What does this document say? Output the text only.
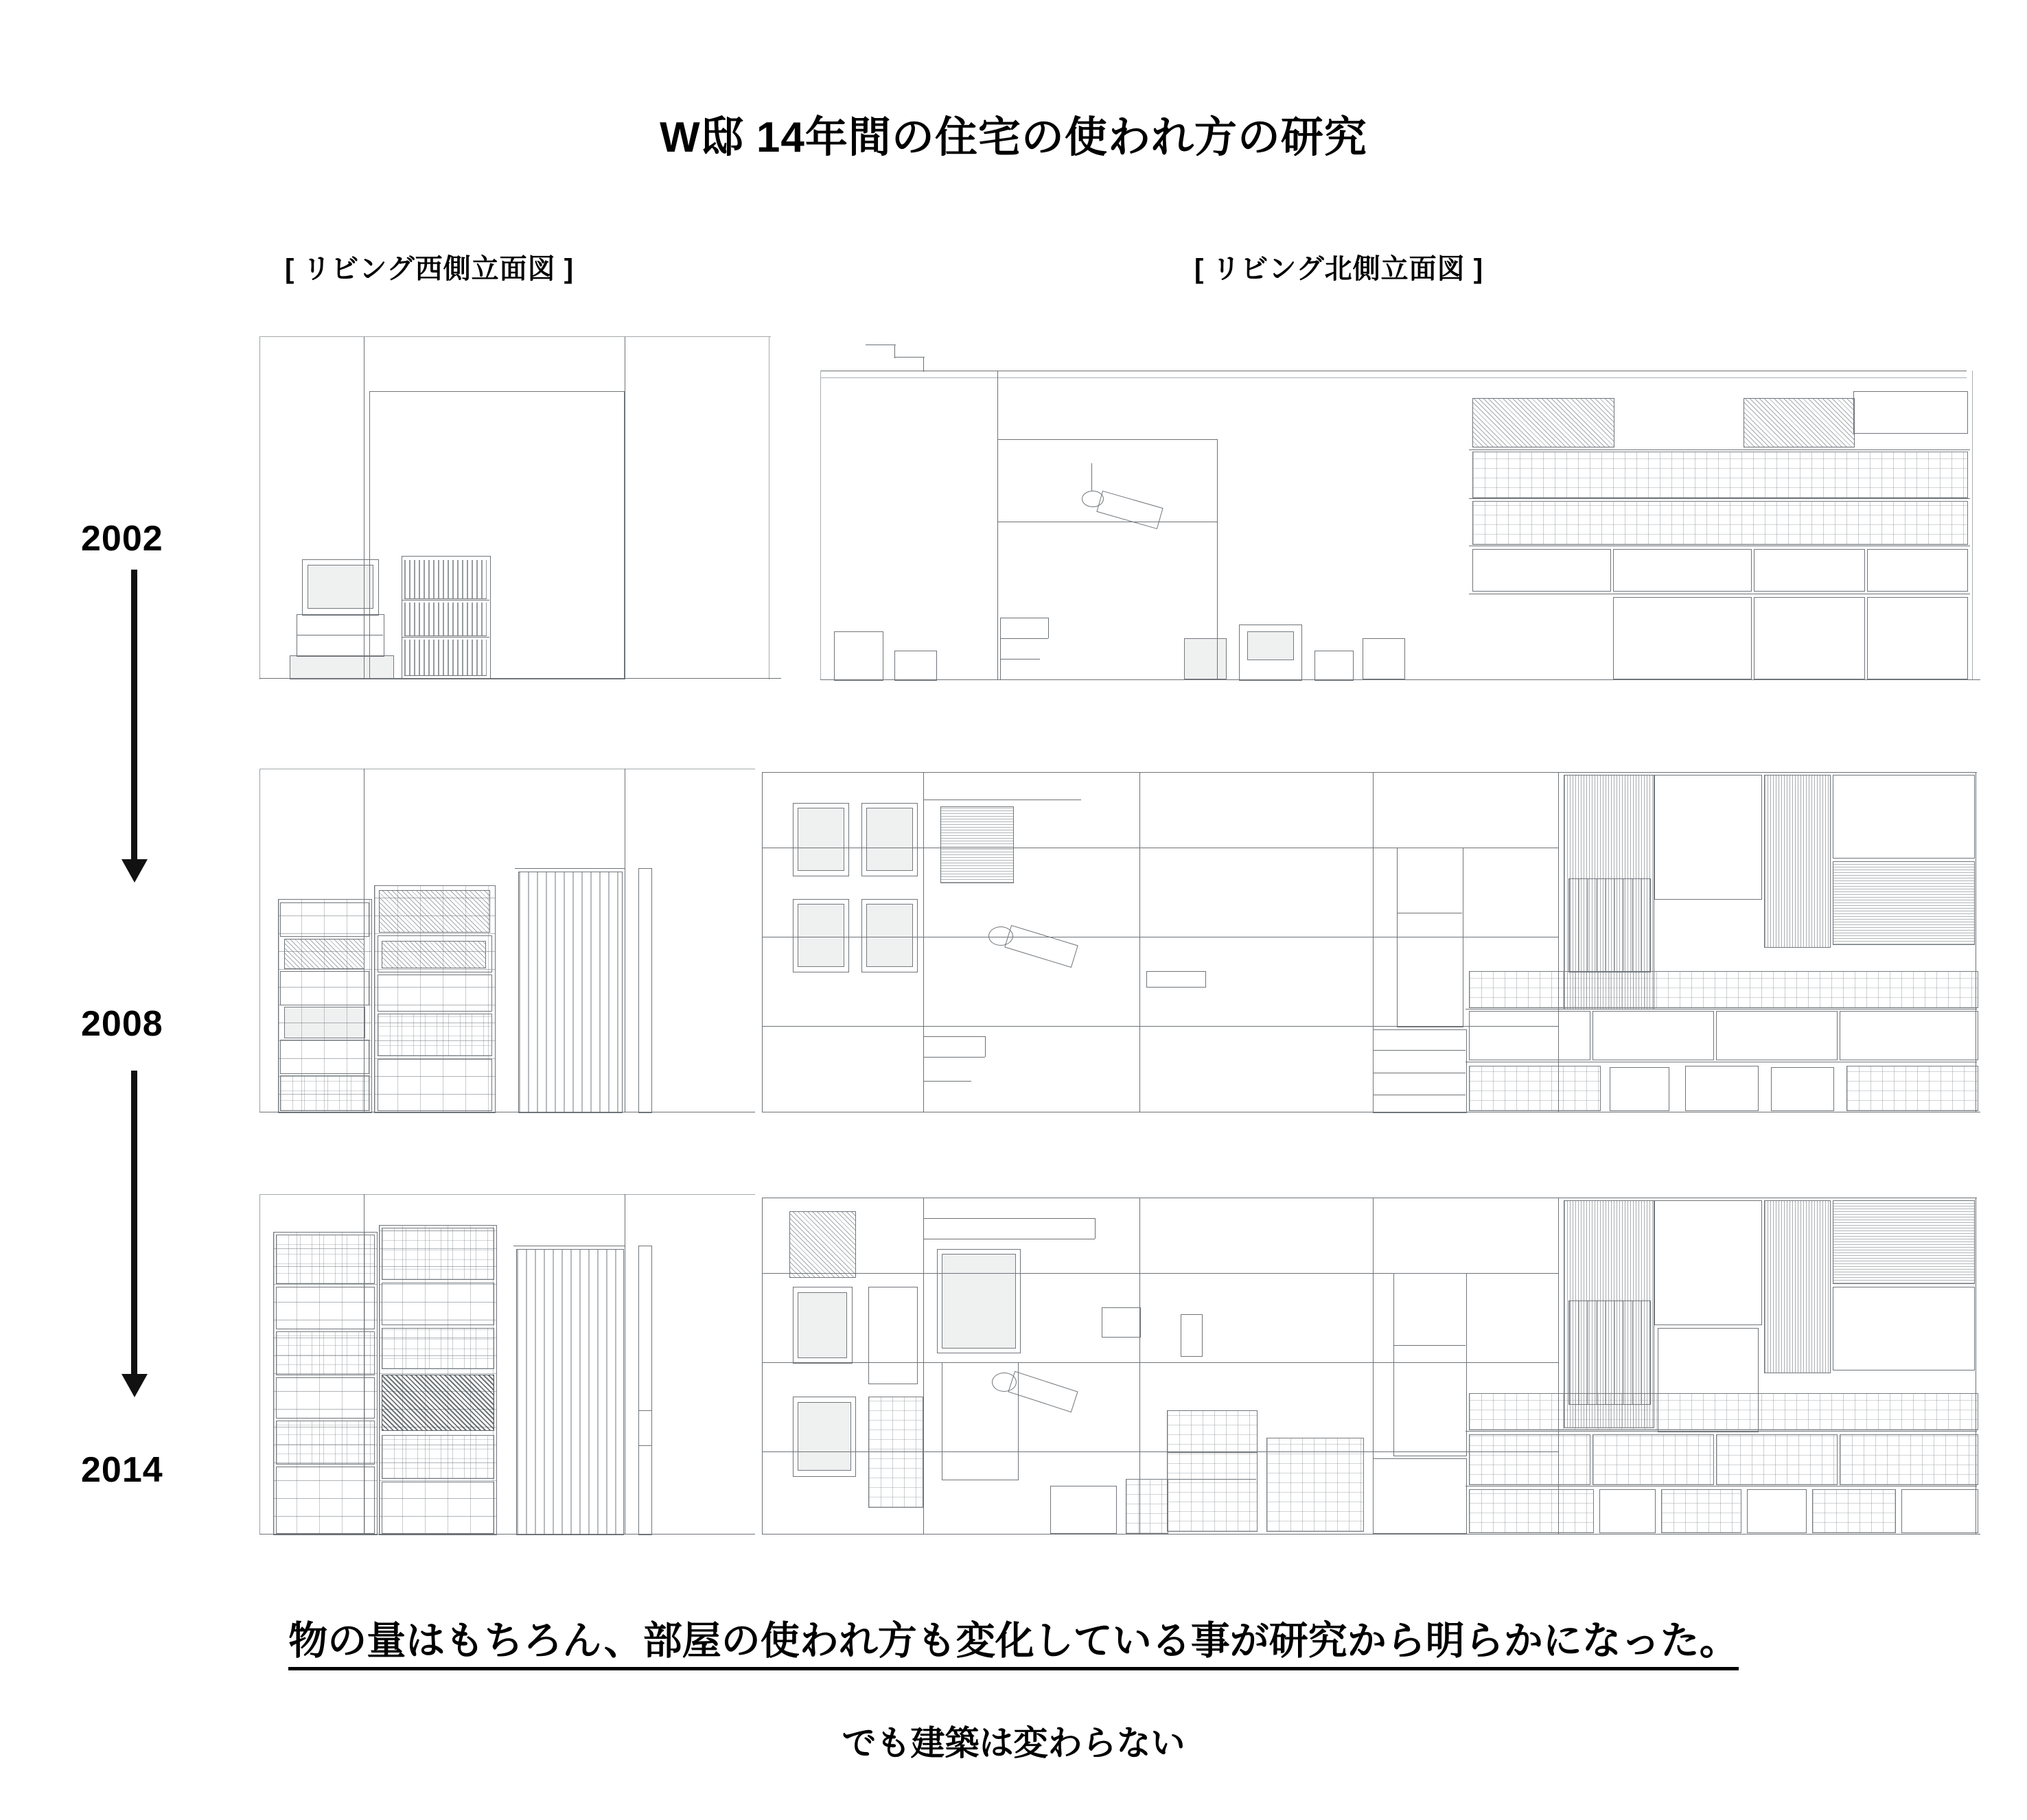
W邸 14年間の住宅の使われ方の研究
[ リビング西側立面図 ]	[ リビング北側立面図 ]
2002
2008
2014
物の量はもちろん、部屋の使われ方も変化している事が研究から明らかになった。
でも建築は変わらない
